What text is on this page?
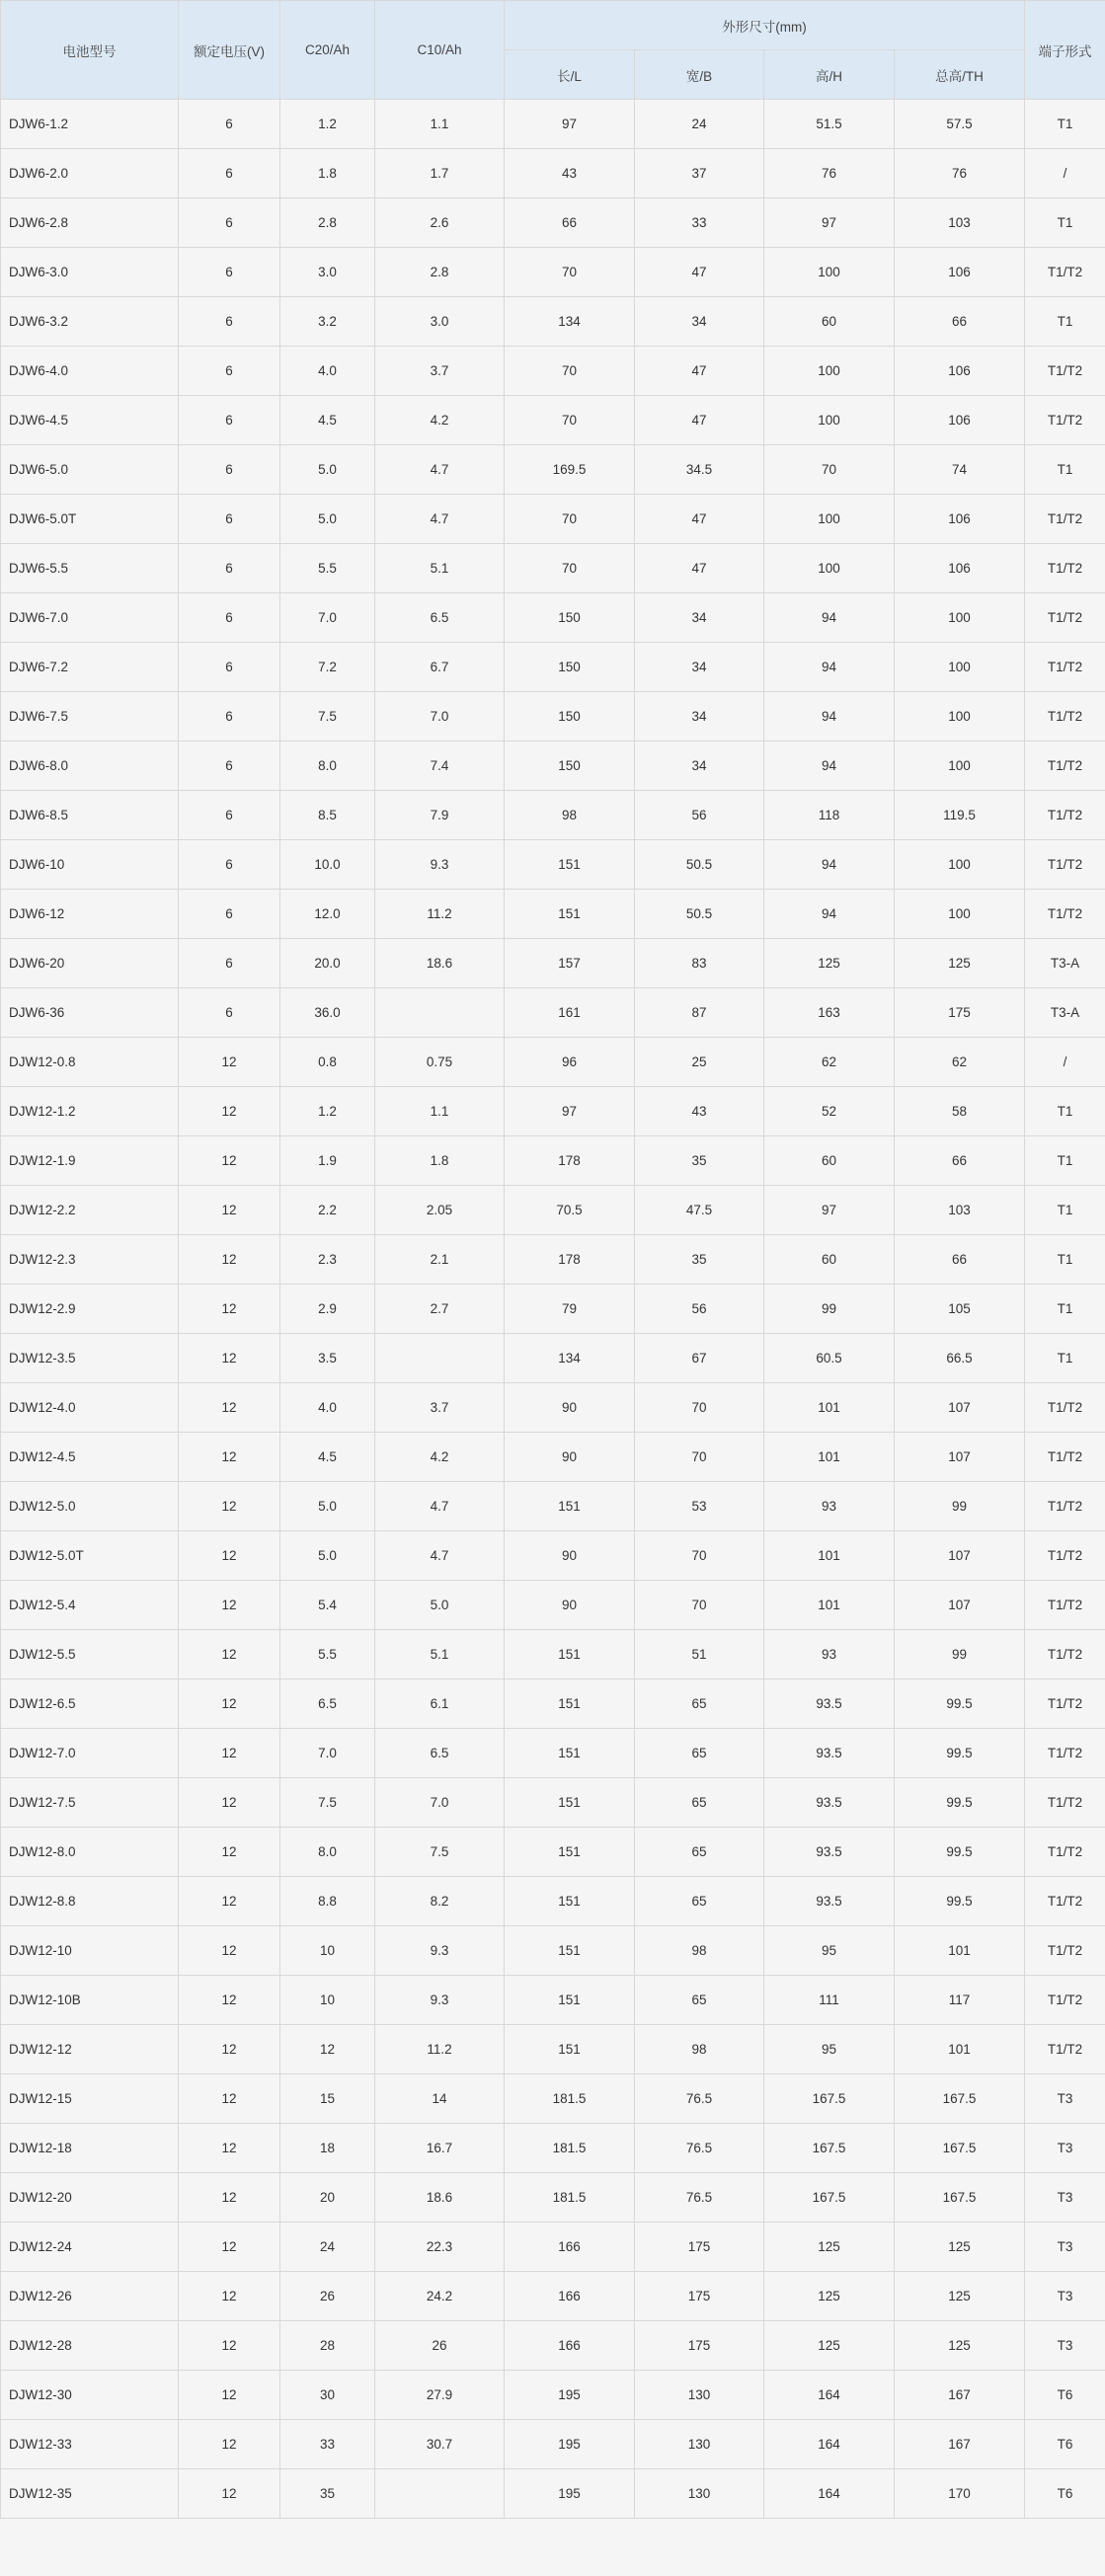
电池型号	额定电压(V)	C20/Ah	C10/Ah	外形尺寸(mm)				端子形式
				长/L	宽/B	高/H	总高/TH	
DJW6-1.2	6	1.2	1.1	97	24	51.5	57.5	T1
DJW6-2.0	6	1.8	1.7	43	37	76	76	/
DJW6-2.8	6	2.8	2.6	66	33	97	103	T1
DJW6-3.0	6	3.0	2.8	70	47	100	106	T1/T2
DJW6-3.2	6	3.2	3.0	134	34	60	66	T1
DJW6-4.0	6	4.0	3.7	70	47	100	106	T1/T2
DJW6-4.5	6	4.5	4.2	70	47	100	106	T1/T2
DJW6-5.0	6	5.0	4.7	169.5	34.5	70	74	T1
DJW6-5.0T	6	5.0	4.7	70	47	100	106	T1/T2
DJW6-5.5	6	5.5	5.1	70	47	100	106	T1/T2
DJW6-7.0	6	7.0	6.5	150	34	94	100	T1/T2
DJW6-7.2	6	7.2	6.7	150	34	94	100	T1/T2
DJW6-7.5	6	7.5	7.0	150	34	94	100	T1/T2
DJW6-8.0	6	8.0	7.4	150	34	94	100	T1/T2
DJW6-8.5	6	8.5	7.9	98	56	118	119.5	T1/T2
DJW6-10	6	10.0	9.3	151	50.5	94	100	T1/T2
DJW6-12	6	12.0	11.2	151	50.5	94	100	T1/T2
DJW6-20	6	20.0	18.6	157	83	125	125	T3-A
DJW6-36	6	36.0		161	87	163	175	T3-A
DJW12-0.8	12	0.8	0.75	96	25	62	62	/
DJW12-1.2	12	1.2	1.1	97	43	52	58	T1
DJW12-1.9	12	1.9	1.8	178	35	60	66	T1
DJW12-2.2	12	2.2	2.05	70.5	47.5	97	103	T1
DJW12-2.3	12	2.3	2.1	178	35	60	66	T1
DJW12-2.9	12	2.9	2.7	79	56	99	105	T1
DJW12-3.5	12	3.5		134	67	60.5	66.5	T1
DJW12-4.0	12	4.0	3.7	90	70	101	107	T1/T2
DJW12-4.5	12	4.5	4.2	90	70	101	107	T1/T2
DJW12-5.0	12	5.0	4.7	151	53	93	99	T1/T2
DJW12-5.0T	12	5.0	4.7	90	70	101	107	T1/T2
DJW12-5.4	12	5.4	5.0	90	70	101	107	T1/T2
DJW12-5.5	12	5.5	5.1	151	51	93	99	T1/T2
DJW12-6.5	12	6.5	6.1	151	65	93.5	99.5	T1/T2
DJW12-7.0	12	7.0	6.5	151	65	93.5	99.5	T1/T2
DJW12-7.5	12	7.5	7.0	151	65	93.5	99.5	T1/T2
DJW12-8.0	12	8.0	7.5	151	65	93.5	99.5	T1/T2
DJW12-8.8	12	8.8	8.2	151	65	93.5	99.5	T1/T2
DJW12-10	12	10	9.3	151	98	95	101	T1/T2
DJW12-10B	12	10	9.3	151	65	111	117	T1/T2
DJW12-12	12	12	11.2	151	98	95	101	T1/T2
DJW12-15	12	15	14	181.5	76.5	167.5	167.5	T3
DJW12-18	12	18	16.7	181.5	76.5	167.5	167.5	T3
DJW12-20	12	20	18.6	181.5	76.5	167.5	167.5	T3
DJW12-24	12	24	22.3	166	175	125	125	T3
DJW12-26	12	26	24.2	166	175	125	125	T3
DJW12-28	12	28	26	166	175	125	125	T3
DJW12-30	12	30	27.9	195	130	164	167	T6
DJW12-33	12	33	30.7	195	130	164	167	T6
DJW12-35	12	35		195	130	164	170	T6
